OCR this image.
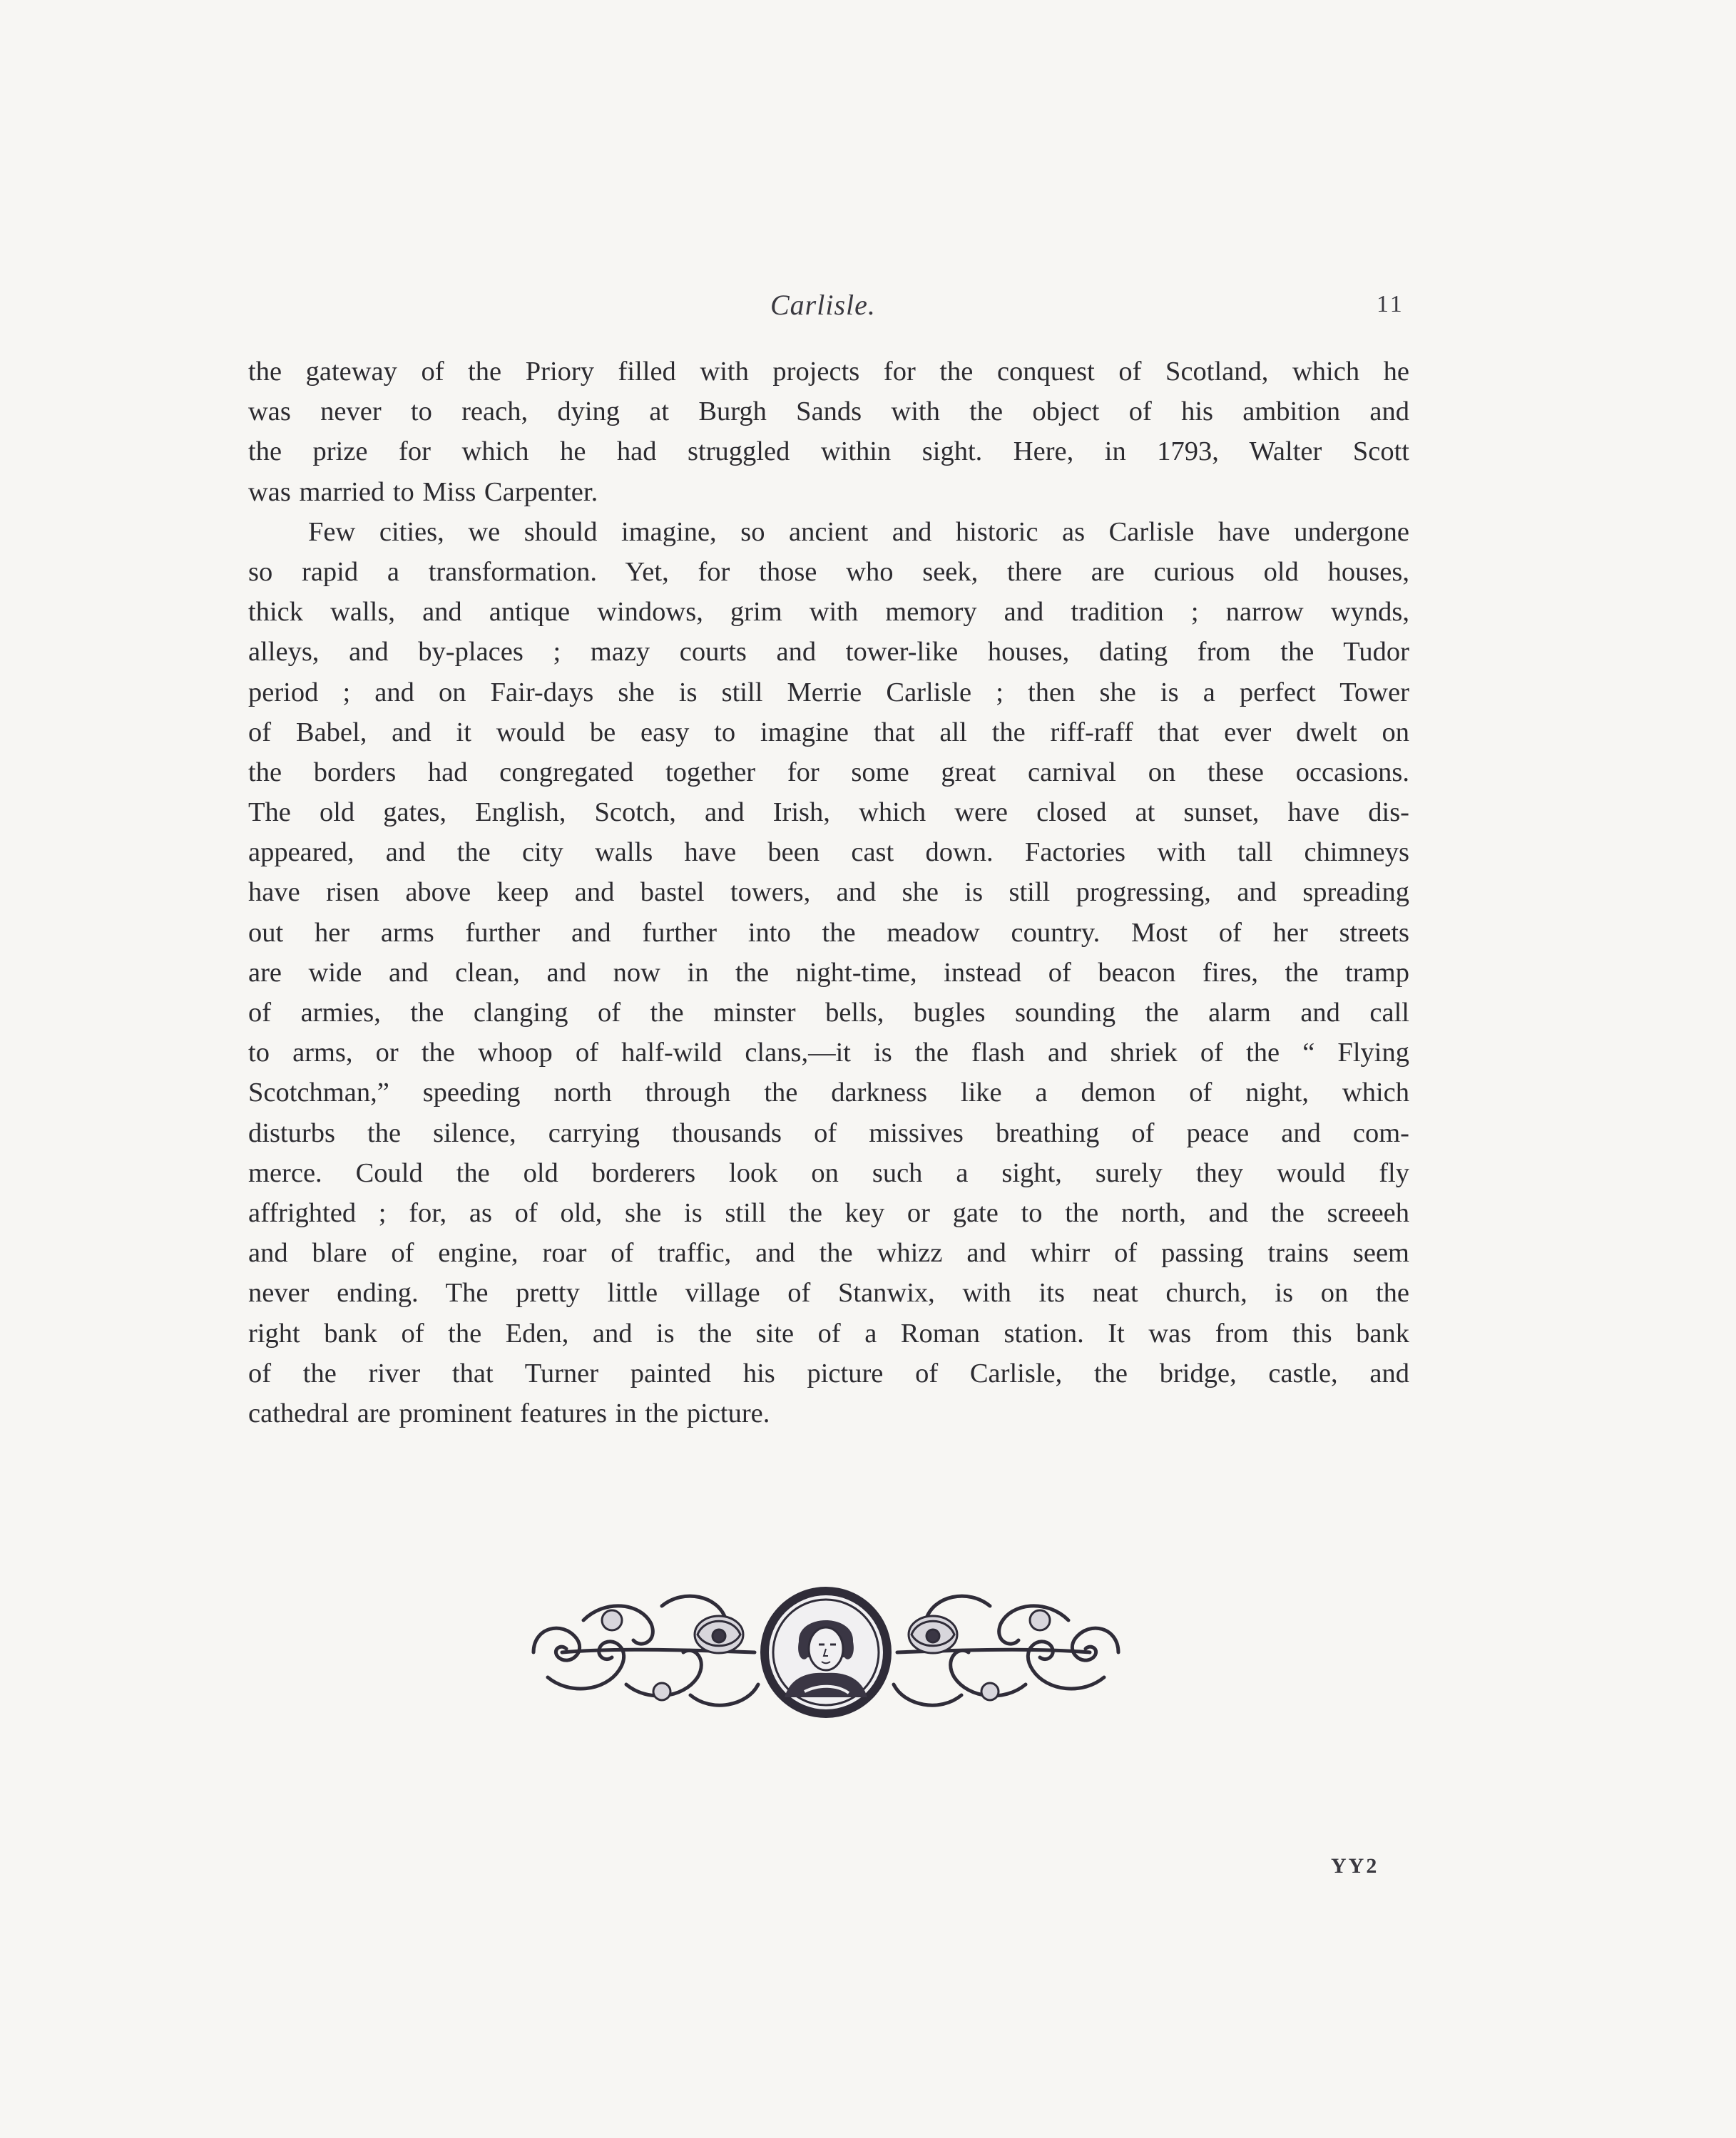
Carlisle.	11
the gateway of the Priory filled with projects for the conquest of Scotland, which he
was never to reach, dying at Burgh Sands with the object of his ambition and
the prize for which he had struggled within sight. Here, in 1793, Walter Scott
was married to Miss Carpenter.
Few cities, we should imagine, so ancient and historic as Carlisle have undergone
so rapid a transformation. Yet, for those who seek, there are curious old houses,
thick walls, and antique windows, grim with memory and tradition ; narrow wynds,
alleys, and by-places ; mazy courts and tower-like houses, dating from the Tudor
period ; and on Fair-days she is still Merrie Carlisle ; then she is a perfect Tower
of Babel, and it would be easy to imagine that all the riff-raff that ever dwelt on
the borders had congregated together for some great carnival on these occasions.
The old gates, English, Scotch, and Irish, which were closed at sunset, have dis-
appeared, and the city walls have been cast down. Factories with tall chimneys
have risen above keep and bastel towers, and she is still progressing, and spreading
out her arms further and further into the meadow country. Most of her streets
are wide and clean, and now in the night-time, instead of beacon fires, the tramp
of armies, the clanging of the minster bells, bugles sounding the alarm and call
to arms, or the whoop of half-wild clans,—it is the flash and shriek of the “ Flying
Scotchman,” speeding north through the darkness like a demon of night, which
disturbs the silence, carrying thousands of missives breathing of peace and com-
merce. Could the old borderers look on such a sight, surely they would fly
affrighted ; for, as of old, she is still the key or gate to the north, and the screeeh
and blare of engine, roar of traffic, and the whizz and whirr of passing trains seem
never ending. The pretty little village of Stanwix, with its neat church, is on the
right bank of the Eden, and is the site of a Roman station. It was from this bank
of the river that Turner painted his picture of Carlisle, the bridge, castle, and
cathedral are prominent features in the picture.
YY2
